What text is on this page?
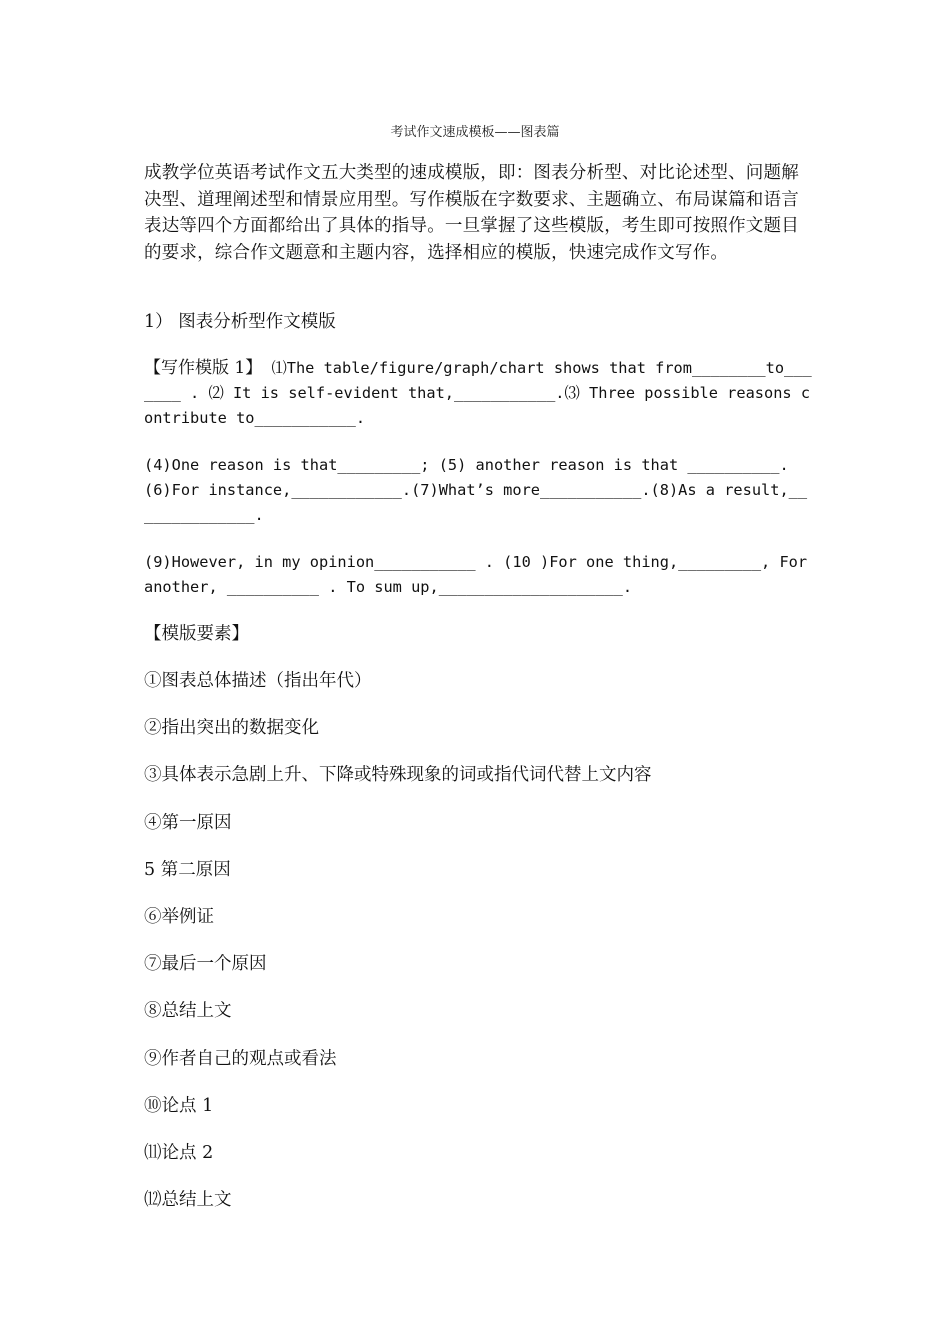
考试作文速成模板——图表篇
成教学位英语考试作文五大类型的速成模版，即：图表分析型、对比论述型、问题解决型、道理阐述型和情景应用型。写作模版在字数要求、主题确立、布局谋篇和语言表达等四个方面都给出了具体的指导。一旦掌握了这些模版，考生即可按照作文题目的要求，综合作文题意和主题内容，选择相应的模版，快速完成作文写作。
1） 图表分析型作文模版
【写作模版 1】 ⑴The table/figure/graph/chart shows that from________to_______ . ⑵ It is self-evident that,___________.⑶ Three possible reasons contribute to___________.
(4)One reason is that_________; (5) another reason is that __________. (6)For instance,____________.(7)What’s more___________.(8)As a result,______________.
(9)However, in my opinion___________ . (10 )For one thing,_________, For another, __________ . To sum up,____________________.
【模版要素】
①图表总体描述（指出年代）
②指出突出的数据变化
③具体表示急剧上升、下降或特殊现象的词或指代词代替上文内容
④第一原因
5 第二原因
⑥举例证
⑦最后一个原因
⑧总结上文
⑨作者自己的观点或看法
⑩论点 1
⑾论点 2
⑿总结上文
